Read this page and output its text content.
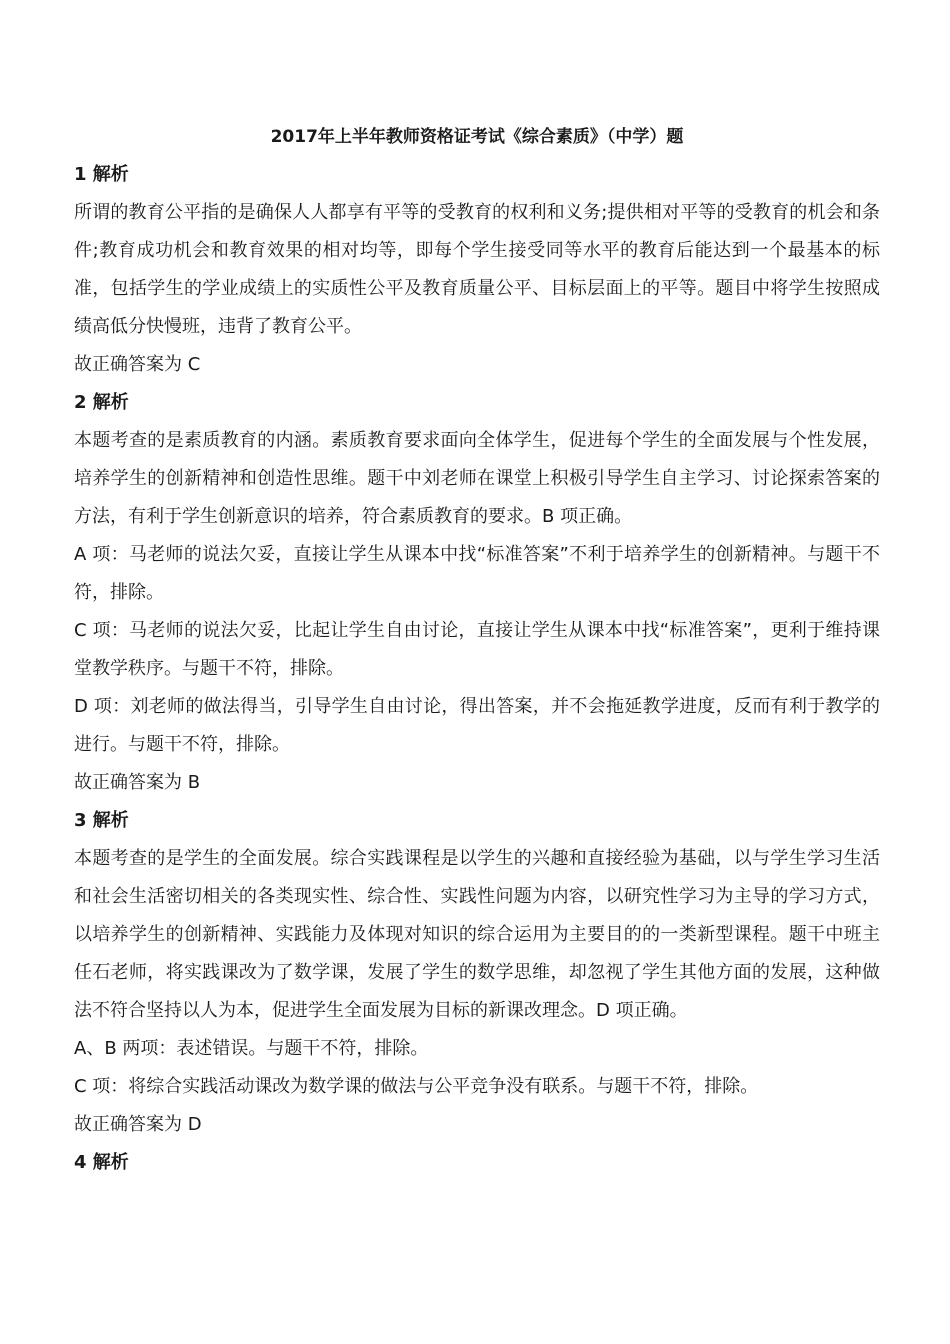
2017年上半年教师资格证考试《综合素质》（中学）题

1 解析

所谓的教育公平指的是确保人人都享有平等的受教育的权利和义务;提供相对平等的受教育的机会和条件;教育成功机会和教育效果的相对均等，即每个学生接受同等水平的教育后能达到一个最基本的标准，包括学生的学业成绩上的实质性公平及教育质量公平、目标层面上的平等。题目中将学生按照成绩高低分快慢班，违背了教育公平。

故正确答案为 C

2 解析

本题考查的是素质教育的内涵。素质教育要求面向全体学生，促进每个学生的全面发展与个性发展，培养学生的创新精神和创造性思维。题干中刘老师在课堂上积极引导学生自主学习、讨论探索答案的方法，有利于学生创新意识的培养，符合素质教育的要求。B 项正确。

A 项：马老师的说法欠妥，直接让学生从课本中找“标准答案”不利于培养学生的创新精神。与题干不符，排除。

C 项：马老师的说法欠妥，比起让学生自由讨论，直接让学生从课本中找“标准答案”，更利于维持课堂教学秩序。与题干不符，排除。

D 项：刘老师的做法得当，引导学生自由讨论，得出答案，并不会拖延教学进度，反而有利于教学的进行。与题干不符，排除。

故正确答案为 B

3 解析

本题考查的是学生的全面发展。综合实践课程是以学生的兴趣和直接经验为基础，以与学生学习生活和社会生活密切相关的各类现实性、综合性、实践性问题为内容，以研究性学习为主导的学习方式，以培养学生的创新精神、实践能力及体现对知识的综合运用为主要目的的一类新型课程。题干中班主任石老师，将实践课改为了数学课，发展了学生的数学思维，却忽视了学生其他方面的发展，这种做法不符合坚持以人为本，促进学生全面发展为目标的新课改理念。D 项正确。

A、B 两项：表述错误。与题干不符，排除。

C 项：将综合实践活动课改为数学课的做法与公平竞争没有联系。与题干不符，排除。

故正确答案为 D

4 解析
